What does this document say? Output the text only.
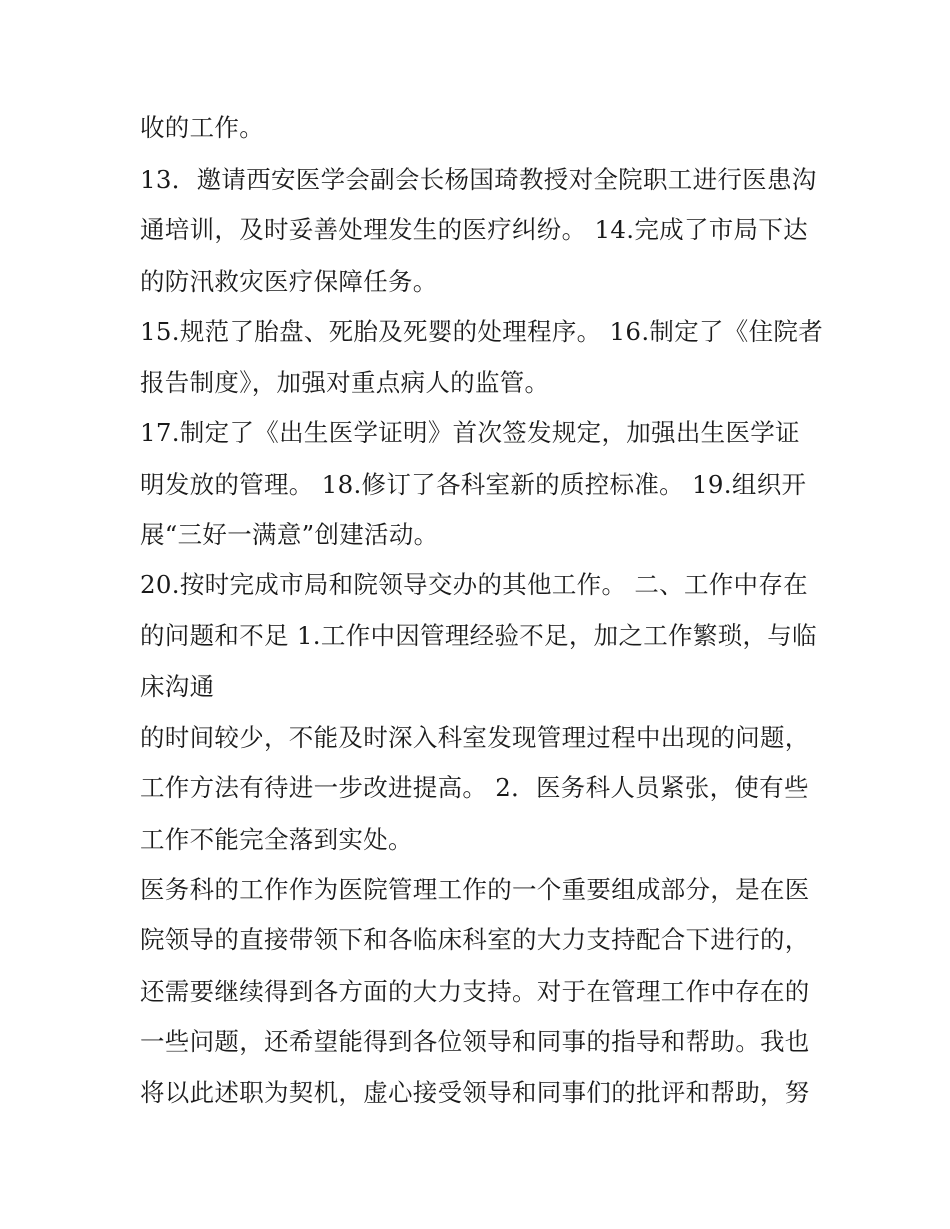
收的工作。
13．邀请西安医学会副会长杨国琦教授对全院职工进行医患沟
通培训，及时妥善处理发生的医疗纠纷。 14.完成了市局下达
的防汛救灾医疗保障任务。
15.规范了胎盘、死胎及死婴的处理程序。 16.制定了《住院者
报告制度》，加强对重点病人的监管。
17.制定了《出生医学证明》首次签发规定，加强出生医学证
明发放的管理。 18.修订了各科室新的质控标准。 19.组织开
展“三好一满意”创建活动。
20.按时完成市局和院领导交办的其他工作。 二、工作中存在
的问题和不足 1.工作中因管理经验不足，加之工作繁琐，与临
床沟通
的时间较少，不能及时深入科室发现管理过程中出现的问题，
工作方法有待进一步改进提高。 2．医务科人员紧张，使有些
工作不能完全落到实处。
医务科的工作作为医院管理工作的一个重要组成部分，是在医
院领导的直接带领下和各临床科室的大力支持配合下进行的，
还需要继续得到各方面的大力支持。对于在管理工作中存在的
一些问题，还希望能得到各位领导和同事的指导和帮助。我也
将以此述职为契机，虚心接受领导和同事们的批评和帮助，努
